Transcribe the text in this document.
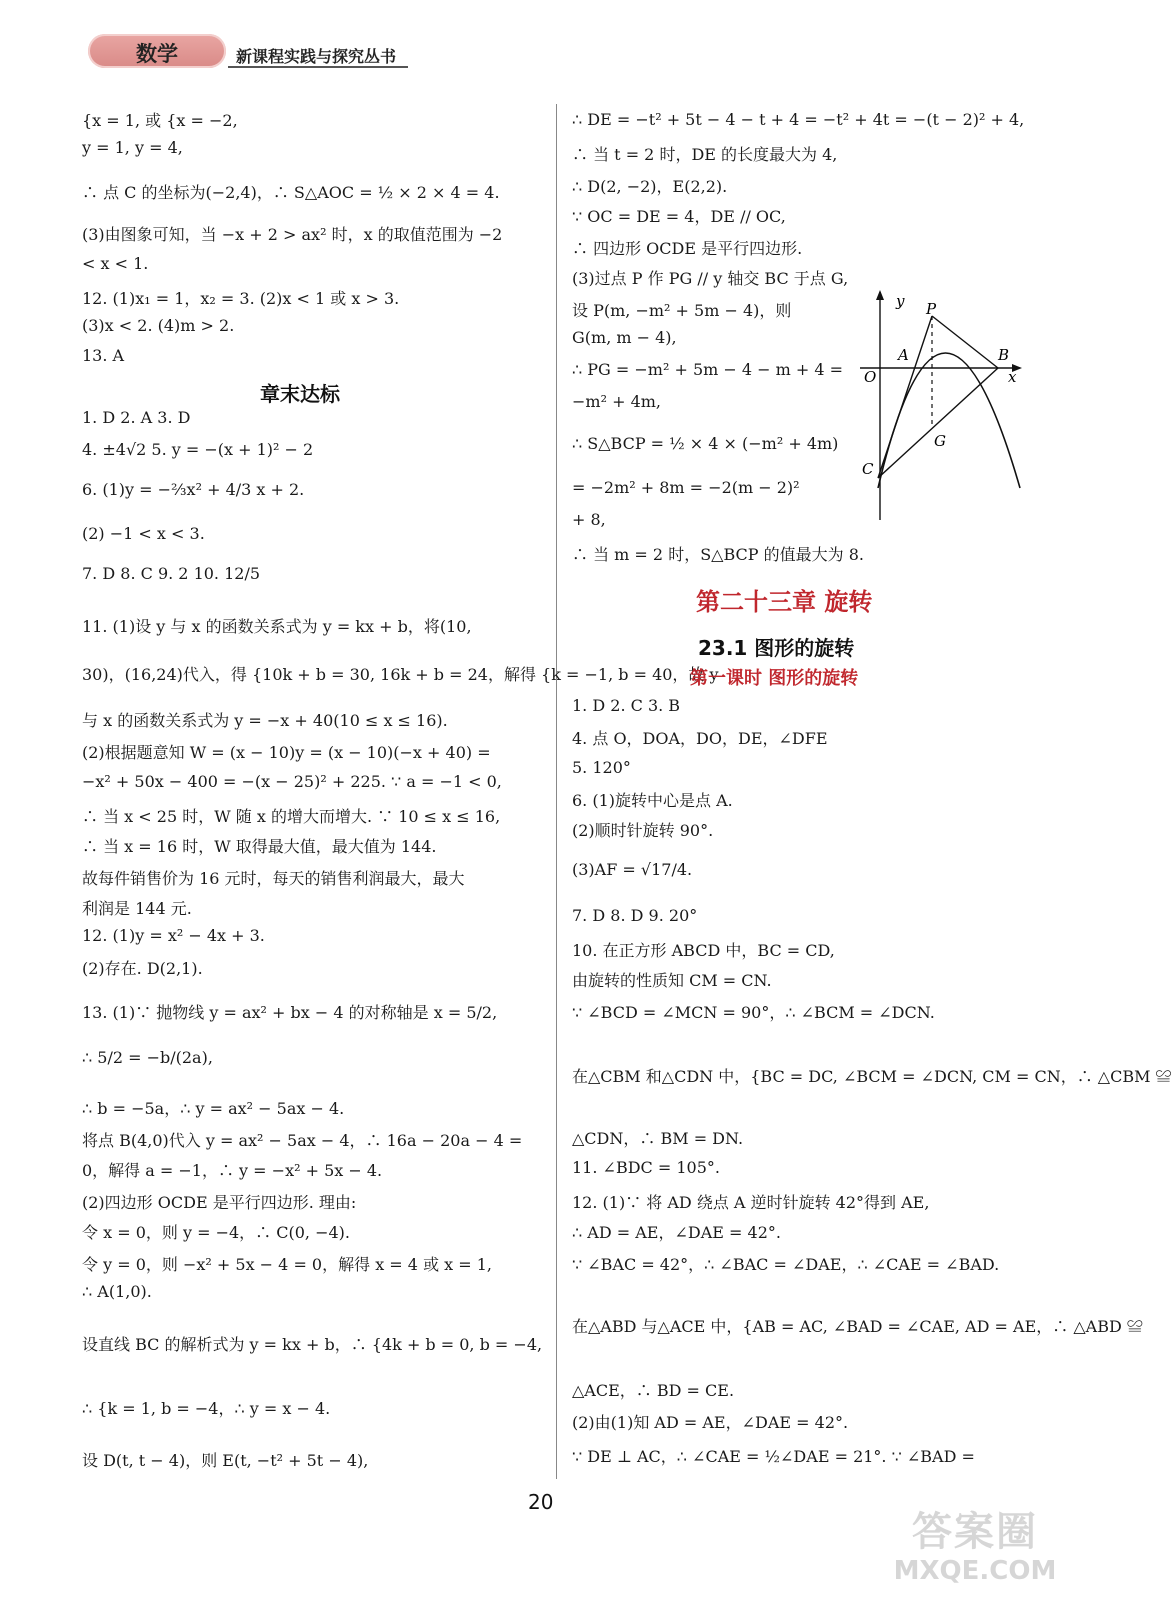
数学	新课程实践与探究丛书
{x = 1, 或 {x = −2,
y = 1, y = 4,
∴ 点 C 的坐标为(−2,4)，∴ S△AOC = ½ × 2 × 4 = 4.
(3)由图象可知，当 −x + 2 > ax² 时，x 的取值范围为 −2
< x < 1.
12. (1)x₁ = 1，x₂ = 3. (2)x < 1 或 x > 3.
(3)x < 2. (4)m > 2.
13. A
章末达标
1. D 2. A 3. D
4. ±4√2 5. y = −(x + 1)² − 2
6. (1)y = −⅔x² + 4/3 x + 2.
(2) −1 < x < 3.
7. D 8. C 9. 2 10. 12/5
11. (1)设 y 与 x 的函数关系式为 y = kx + b，将(10,
30)，(16,24)代入，得 {10k + b = 30, 16k + b = 24，解得 {k = −1, b = 40，故 y
与 x 的函数关系式为 y = −x + 40(10 ≤ x ≤ 16).
(2)根据题意知 W = (x − 10)y = (x − 10)(−x + 40) =
−x² + 50x − 400 = −(x − 25)² + 225. ∵ a = −1 < 0,
∴ 当 x < 25 时，W 随 x 的增大而增大. ∵ 10 ≤ x ≤ 16,
∴ 当 x = 16 时，W 取得最大值，最大值为 144.
故每件销售价为 16 元时，每天的销售利润最大，最大
利润是 144 元.
12. (1)y = x² − 4x + 3.
(2)存在. D(2,1).
13. (1)∵ 抛物线 y = ax² + bx − 4 的对称轴是 x = 5/2,
∴ 5/2 = −b/(2a),
∴ b = −5a，∴ y = ax² − 5ax − 4.
将点 B(4,0)代入 y = ax² − 5ax − 4，∴ 16a − 20a − 4 =
0，解得 a = −1，∴ y = −x² + 5x − 4.
(2)四边形 OCDE 是平行四边形. 理由:
令 x = 0，则 y = −4，∴ C(0, −4).
令 y = 0，则 −x² + 5x − 4 = 0，解得 x = 4 或 x = 1,
∴ A(1,0).
设直线 BC 的解析式为 y = kx + b，∴ {4k + b = 0, b = −4,
∴ {k = 1, b = −4，∴ y = x − 4.
设 D(t, t − 4)，则 E(t, −t² + 5t − 4),
∴ DE = −t² + 5t − 4 − t + 4 = −t² + 4t = −(t − 2)² + 4,
∴ 当 t = 2 时，DE 的长度最大为 4,
∴ D(2, −2)，E(2,2).
∵ OC = DE = 4，DE // OC,
∴ 四边形 OCDE 是平行四边形.
(3)过点 P 作 PG // y 轴交 BC 于点 G,
设 P(m, −m² + 5m − 4)，则
G(m, m − 4),
∴ PG = −m² + 5m − 4 − m + 4 =
−m² + 4m,
∴ S△BCP = ½ × 4 × (−m² + 4m)
= −2m² + 8m = −2(m − 2)²
+ 8,
∴ 当 m = 2 时，S△BCP 的值最大为 8.
第二十三章 旋转
23.1 图形的旋转
第一课时 图形的旋转
1. D 2. C 3. B
4. 点 O，DOA，DO，DE，∠DFE
5. 120°
6. (1)旋转中心是点 A.
(2)顺时针旋转 90°.
(3)AF = √17/4.
7. D 8. D 9. 20°
10. 在正方形 ABCD 中，BC = CD,
由旋转的性质知 CM = CN.
∵ ∠BCD = ∠MCN = 90°，∴ ∠BCM = ∠DCN.
在△CBM 和△CDN 中，{BC = DC, ∠BCM = ∠DCN, CM = CN，∴ △CBM ≌
△CDN，∴ BM = DN.
11. ∠BDC = 105°.
12. (1)∵ 将 AD 绕点 A 逆时针旋转 42°得到 AE,
∴ AD = AE，∠DAE = 42°.
∵ ∠BAC = 42°，∴ ∠BAC = ∠DAE，∴ ∠CAE = ∠BAD.
在△ABD 与△ACE 中，{AB = AC, ∠BAD = ∠CAE, AD = AE，∴ △ABD ≌
△ACE，∴ BD = CE.
(2)由(1)知 AD = AE，∠DAE = 42°.
∵ DE ⊥ AC，∴ ∠CAE = ½∠DAE = 21°. ∵ ∠BAD =
y P
A	B
O	x
G
C
20
答案圈
MXQE.COM
